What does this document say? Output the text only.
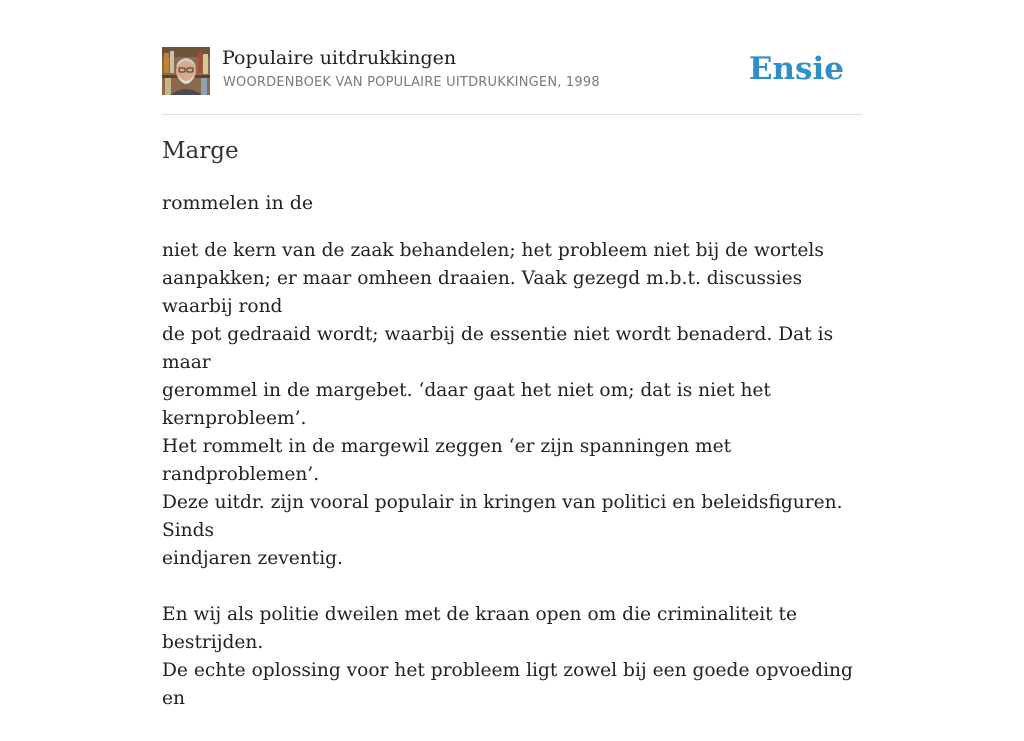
Populaire uitdrukkingen
WOORDENBOEK VAN POPULAIRE UITDRUKKINGEN, 1998	Ensie
Marge
rommelen in de

niet de kern van de zaak behandelen; het probleem niet bij de wortels
aanpakken; er maar omheen draaien. Vaak gezegd m.b.t. discussies waarbij rond
de pot gedraaid wordt; waarbij de essentie niet wordt benaderd. Dat is maar
gerommel in de margebet. ‘daar gaat het niet om; dat is niet het kernprobleem’.
Het rommelt in de margewil zeggen ‘er zijn spanningen met randproblemen’.
Deze uitdr. zijn vooral populair in kringen van politici en beleidsfiguren. Sinds
eindjaren zeventig.

En wij als politie dweilen met de kraan open om die criminaliteit te bestrijden.
De echte oplossing voor het probleem ligt zowel bij een goede opvoeding en
